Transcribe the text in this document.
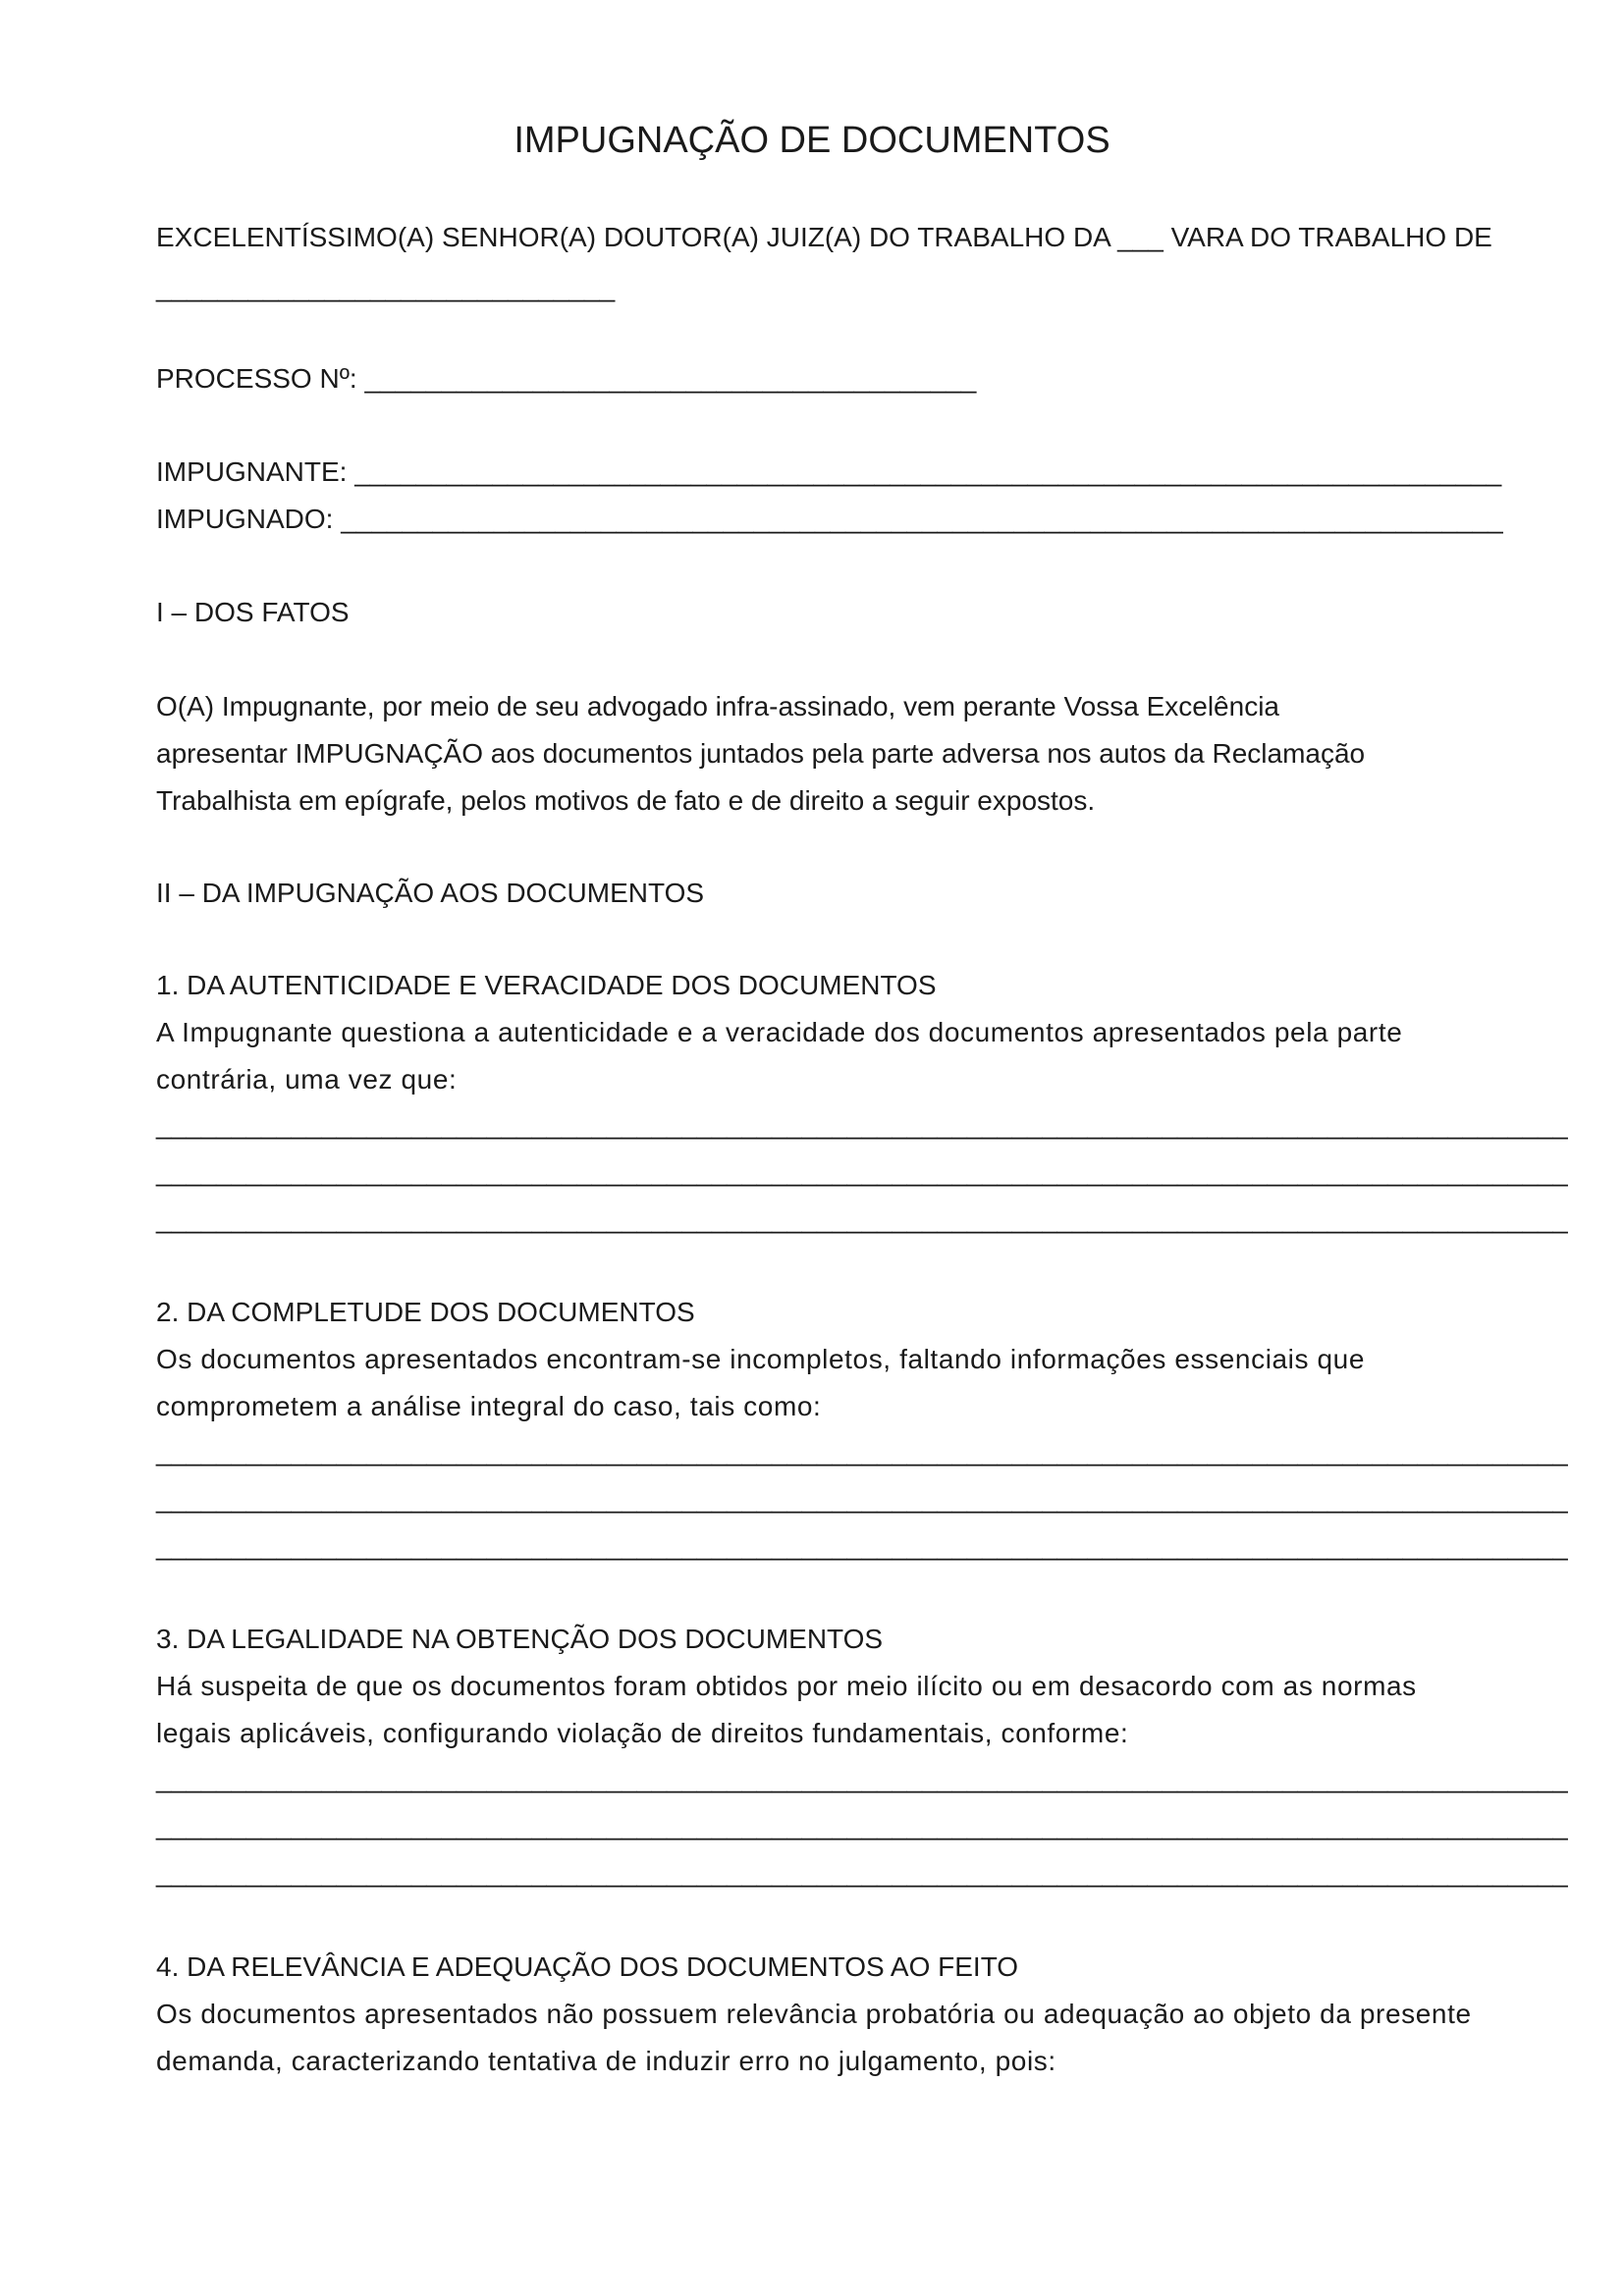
IMPUGNAÇÃO DE DOCUMENTOS
EXCELENTÍSSIMO(A) SENHOR(A) DOUTOR(A) JUIZ(A) DO TRABALHO DA ___ VARA DO TRABALHO DE
______________________________
PROCESSO Nº: ________________________________________
IMPUGNANTE: ___________________________________________________________________________
IMPUGNADO: ____________________________________________________________________________
I – DOS FATOS
O(A) Impugnante, por meio de seu advogado infra-assinado, vem perante Vossa Excelência
apresentar IMPUGNAÇÃO aos documentos juntados pela parte adversa nos autos da Reclamação
Trabalhista em epígrafe, pelos motivos de fato e de direito a seguir expostos.
II – DA IMPUGNAÇÃO AOS DOCUMENTOS
1. DA AUTENTICIDADE E VERACIDADE DOS DOCUMENTOS
A Impugnante questiona a autenticidade e a veracidade dos documentos apresentados pela parte
contrária, uma vez que:
______________________________________________________________________________________________
______________________________________________________________________________________________
______________________________________________________________________________________________
2. DA COMPLETUDE DOS DOCUMENTOS
Os documentos apresentados encontram-se incompletos, faltando informações essenciais que
comprometem a análise integral do caso, tais como:
______________________________________________________________________________________________
______________________________________________________________________________________________
______________________________________________________________________________________________
3. DA LEGALIDADE NA OBTENÇÃO DOS DOCUMENTOS
Há suspeita de que os documentos foram obtidos por meio ilícito ou em desacordo com as normas
legais aplicáveis, configurando violação de direitos fundamentais, conforme:
______________________________________________________________________________________________
______________________________________________________________________________________________
______________________________________________________________________________________________
4. DA RELEVÂNCIA E ADEQUAÇÃO DOS DOCUMENTOS AO FEITO
Os documentos apresentados não possuem relevância probatória ou adequação ao objeto da presente
demanda, caracterizando tentativa de induzir erro no julgamento, pois:
